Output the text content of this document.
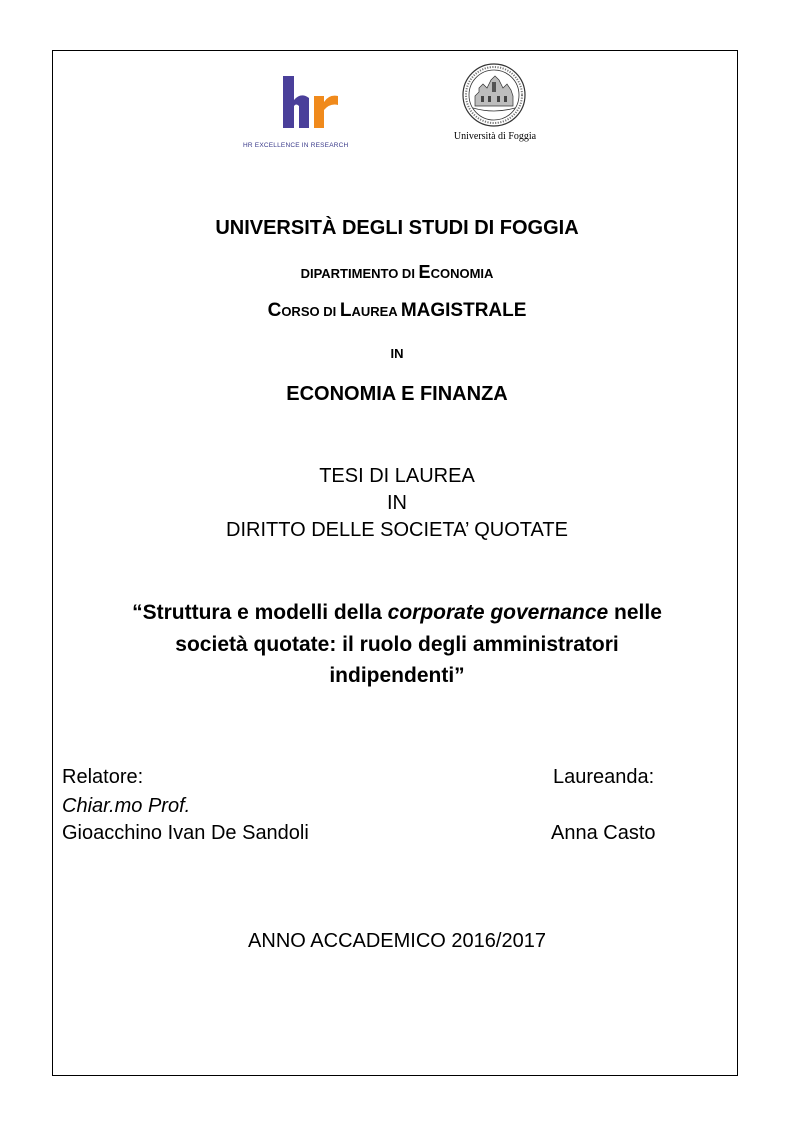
HR EXCELLENCE IN RESEARCH
Università di Foggia
UNIVERSITÀ DEGLI STUDI DI FOGGIA
DIPARTIMENTO DI ECONOMIA
CORSO DI LAUREA MAGISTRALE
IN
ECONOMIA E FINANZA
TESI DI LAUREA
IN
DIRITTO DELLE SOCIETA’ QUOTATE
“Struttura e modelli della corporate governance nelle
società quotate: il ruolo degli amministratori
indipendenti”
Relatore:
Chiar.mo Prof.
Gioacchino Ivan De Sandoli
Laureanda:
Anna Casto
ANNO ACCADEMICO 2016/2017
